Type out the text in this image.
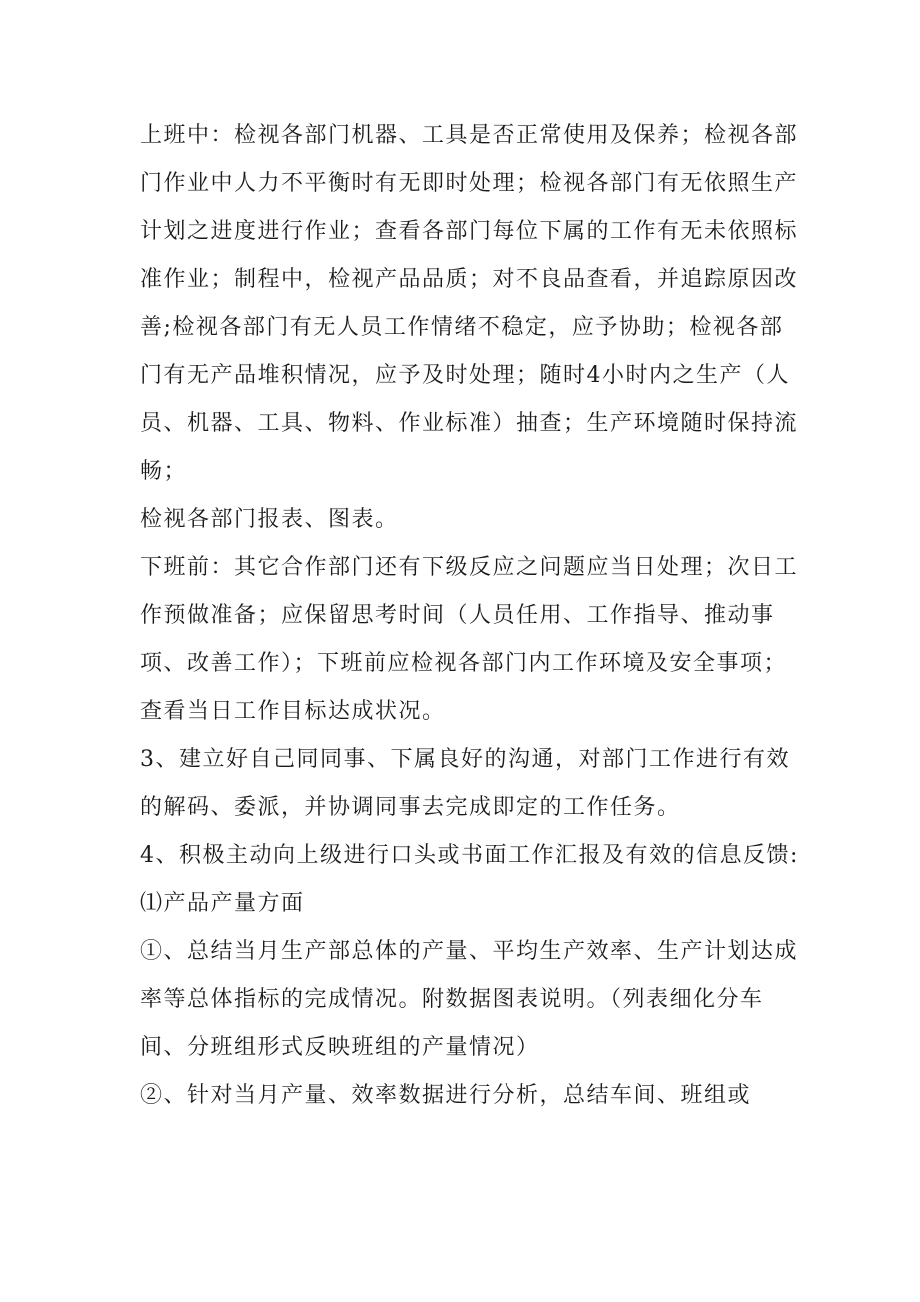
上班中：检视各部门机器、工具是否正常使用及保养；检视各部门作业中人力不平衡时有无即时处理；检视各部门有无依照生产计划之进度进行作业；查看各部门每位下属的工作有无未依照标准作业；制程中，检视产品品质；对不良品查看，并追踪原因改善;检视各部门有无人员工作情绪不稳定，应予协助；检视各部门有无产品堆积情况，应予及时处理；随时4小时内之生产（人员、机器、工具、物料、作业标准）抽查；生产环境随时保持流畅；

检视各部门报表、图表。

下班前：其它合作部门还有下级反应之问题应当日处理；次日工作预做准备；应保留思考时间（人员任用、工作指导、推动事项、改善工作）；下班前应检视各部门内工作环境及安全事项；查看当日工作目标达成状况。

3、建立好自己同同事、下属良好的沟通，对部门工作进行有效的解码、委派，并协调同事去完成即定的工作任务。

4、积极主动向上级进行口头或书面工作汇报及有效的信息反馈:

⑴产品产量方面

①、总结当月生产部总体的产量、平均生产效率、生产计划达成率等总体指标的完成情况。附数据图表说明。（列表细化分车间、分班组形式反映班组的产量情况）

②、针对当月产量、效率数据进行分析，总结车间、班组或
